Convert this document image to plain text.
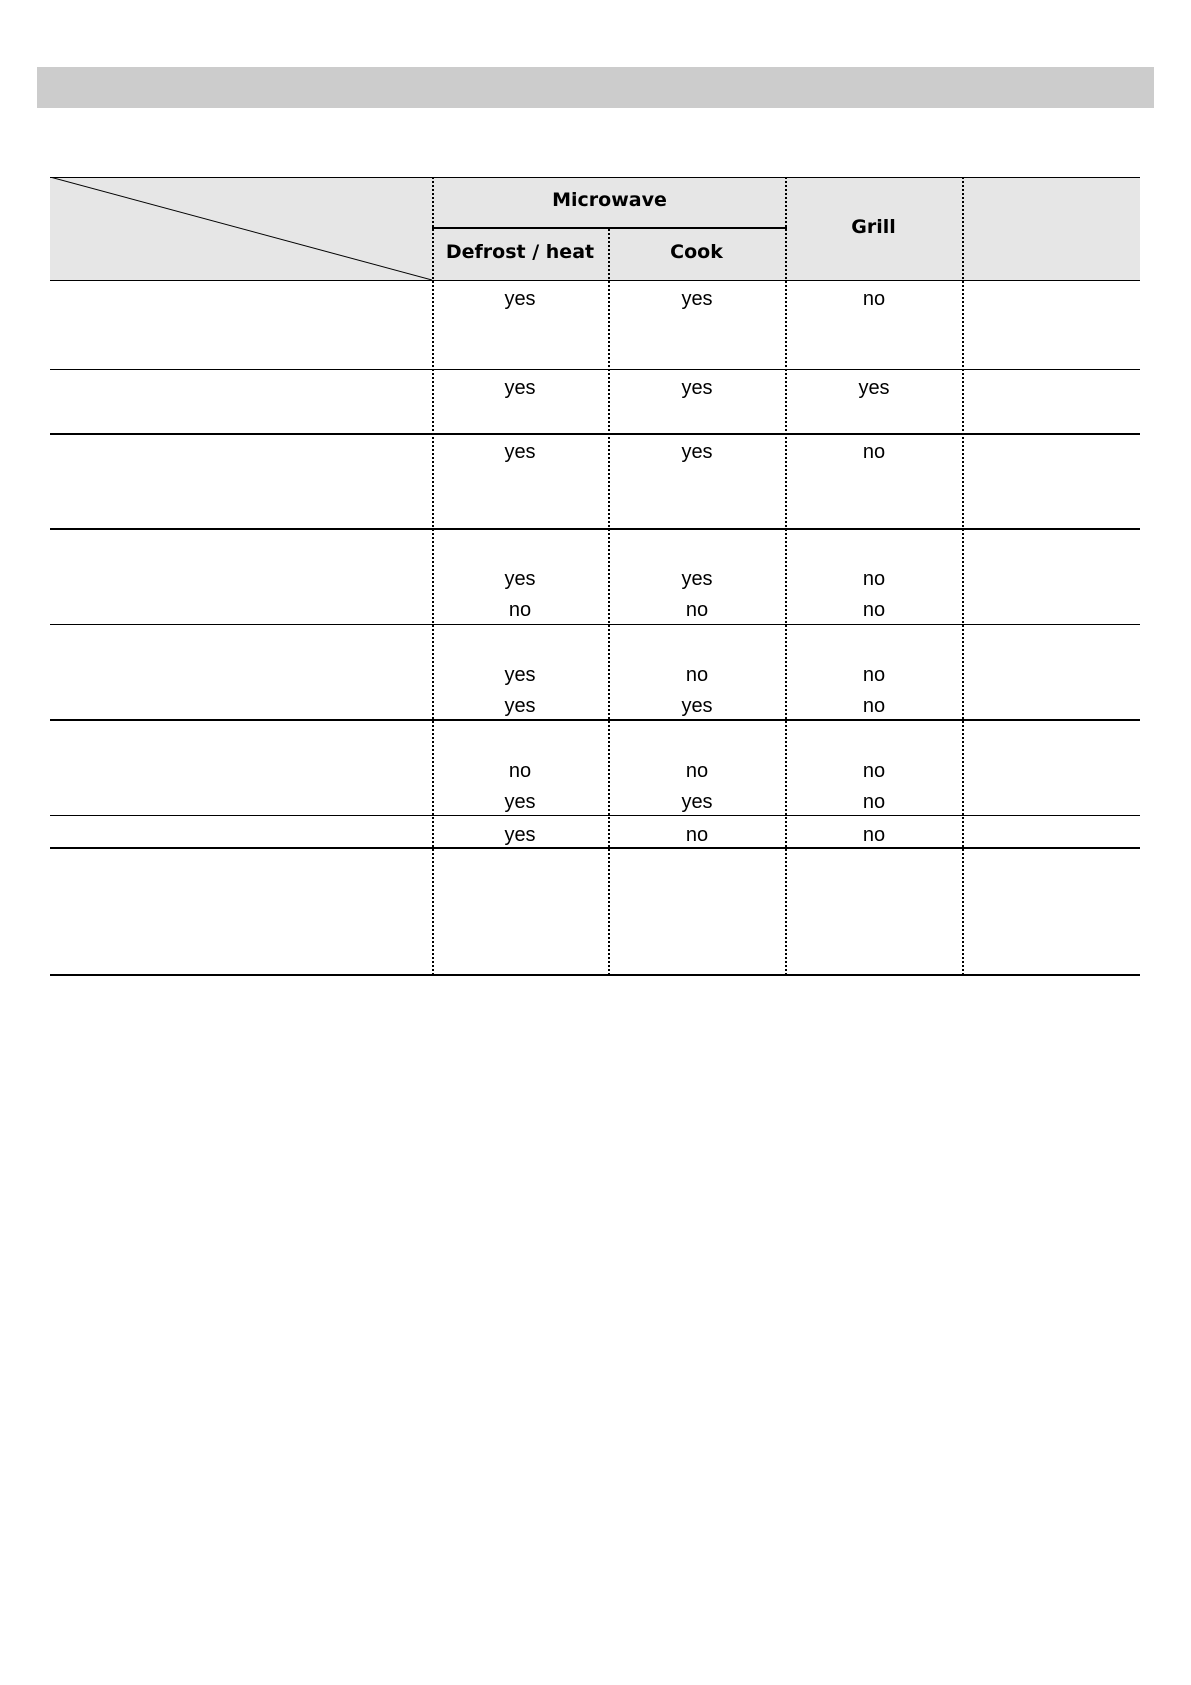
Microwave
Defrost / heat	Cook
Grill
yes	yes	no
yes	yes	yes
yes	yes	no
yes	yes	no
no	no	no
yes	no	no
yes	yes	no
no	no	no
yes	yes	no
yes	no	no
